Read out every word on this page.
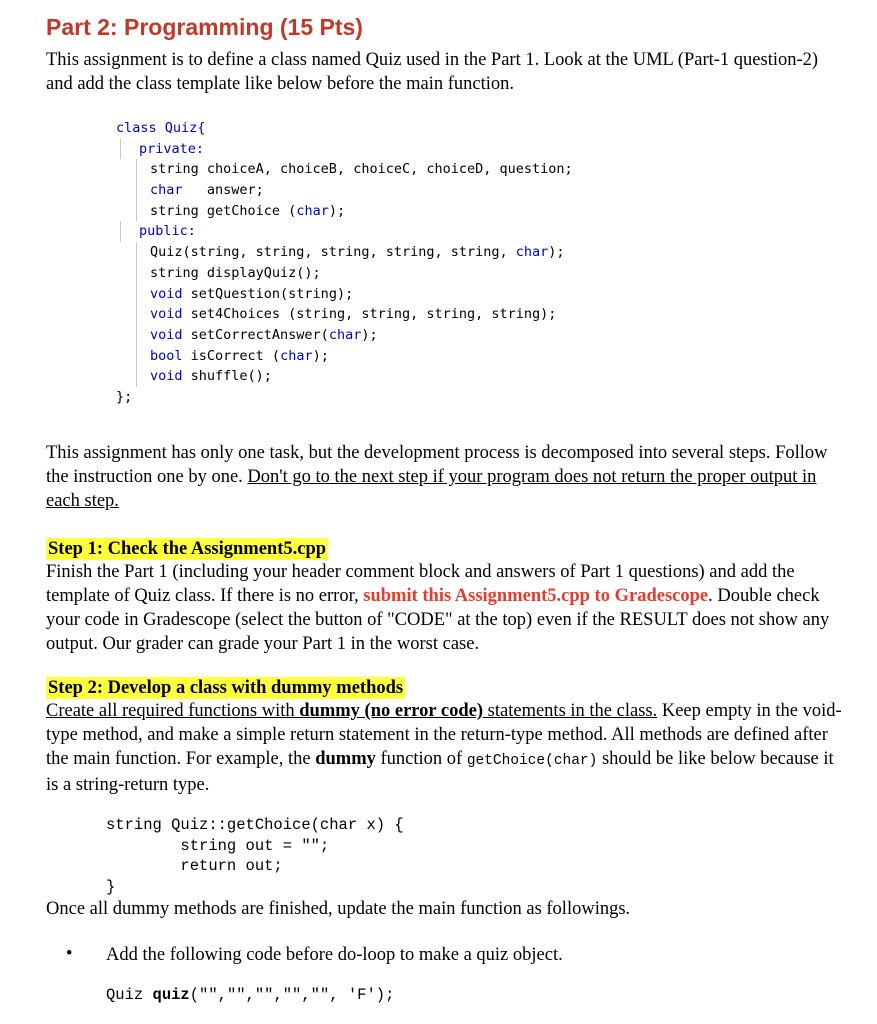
Part 2: Programming (15 Pts)

This assignment is to define a class named Quiz used in the Part 1. Look at the UML (Part-1 question-2) and add the class template like below before the main function.

class Quiz{
private:
string choiceA, choiceB, choiceC, choiceD, question;
char   answer;
string getChoice (char);
public:
Quiz(string, string, string, string, string, char);
string displayQuiz();
void setQuestion(string);
void set4Choices (string, string, string, string);
void setCorrectAnswer(char);
bool isCorrect (char);
void shuffle();
};

This assignment has only one task, but the development process is decomposed into several steps. Follow the instruction one by one. Don't go to the next step if your program does not return the proper output in each step.

Step 1: Check the Assignment5.cpp

Finish the Part 1 (including your header comment block and answers of Part 1 questions) and add the template of Quiz class. If there is no error, submit this Assignment5.cpp to Gradescope. Double check your code in Gradescope (select the button of "CODE" at the top) even if the RESULT does not show any output. Our grader can grade your Part 1 in the worst case.

Step 2: Develop a class with dummy methods

Create all required functions with dummy (no error code) statements in the class. Keep empty in the void-type method, and make a simple return statement in the return-type method. All methods are defined after the main function. For example, the dummy function of getChoice(char) should be like below because it is a string-return type.

string Quiz::getChoice(char x) {
string out = "";
return out;
}

Once all dummy methods are finished, update the main function as followings.

• Add the following code before do-loop to make a quiz object.
Quiz quiz("","","","","", 'F');
